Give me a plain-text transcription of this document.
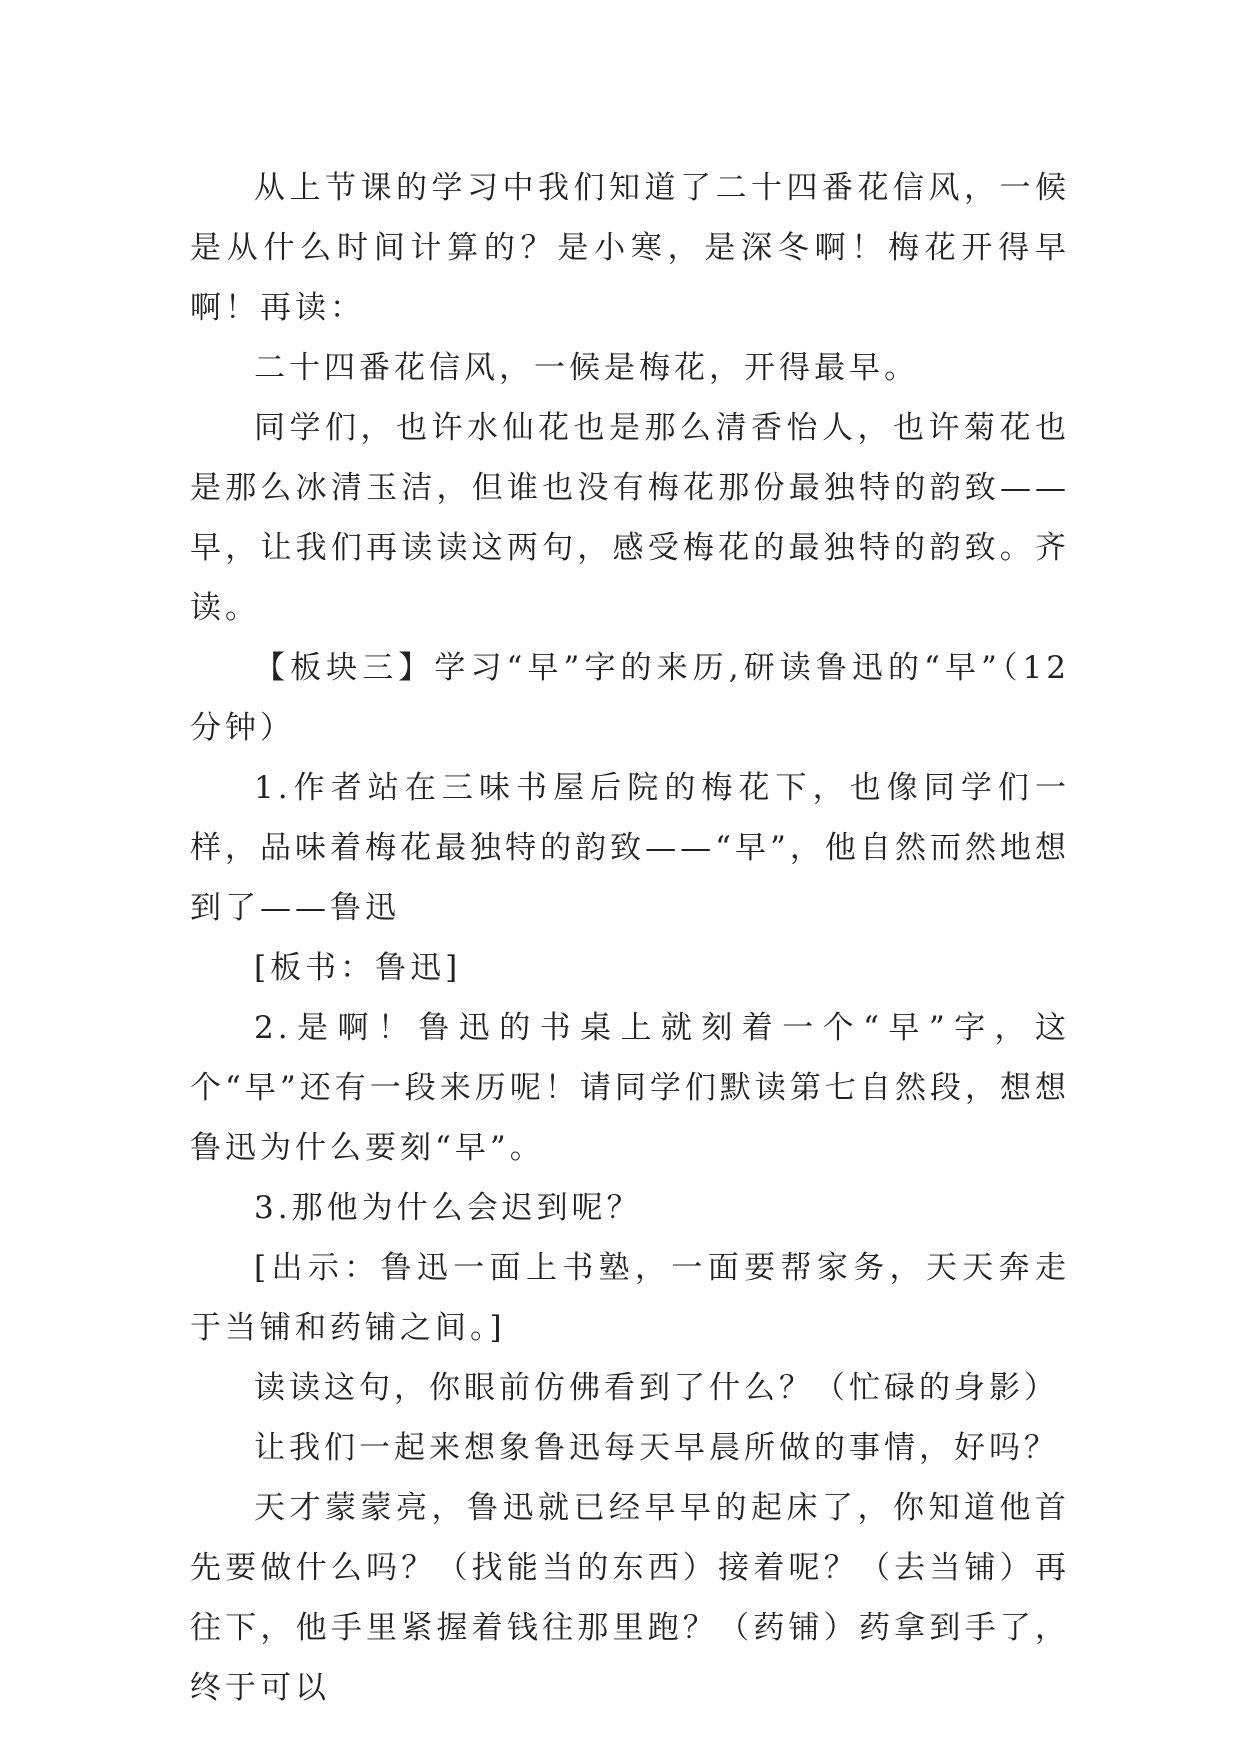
从上节课的学习中我们知道了二十四番花信风，一候是从什么时间计算的？是小寒，是深冬啊！梅花开得早啊！再读：

二十四番花信风，一候是梅花，开得最早。

同学们，也许水仙花也是那么清香怡人，也许菊花也是那么冰清玉洁，但谁也没有梅花那份最独特的韵致——早，让我们再读读这两句，感受梅花的最独特的韵致。齐读。

【板块三】学习“早”字的来历,研读鲁迅的“早”（12分钟）

1.作者站在三味书屋后院的梅花下，也像同学们一样，品味着梅花最独特的韵致——“早”，他自然而然地想到了——鲁迅

[板书：鲁迅]

2.是啊！鲁迅的书桌上就刻着一个“早”字，这个“早”还有一段来历呢！请同学们默读第七自然段，想想鲁迅为什么要刻“早”。

3.那他为什么会迟到呢？

[出示：鲁迅一面上书塾，一面要帮家务，天天奔走于当铺和药铺之间。]

读读这句，你眼前仿佛看到了什么？（忙碌的身影）

让我们一起来想象鲁迅每天早晨所做的事情，好吗？

天才蒙蒙亮，鲁迅就已经早早的起床了，你知道他首先要做什么吗？（找能当的东西）接着呢？（去当铺）再往下，他手里紧握着钱往那里跑？（药铺）药拿到手了，终于可以
